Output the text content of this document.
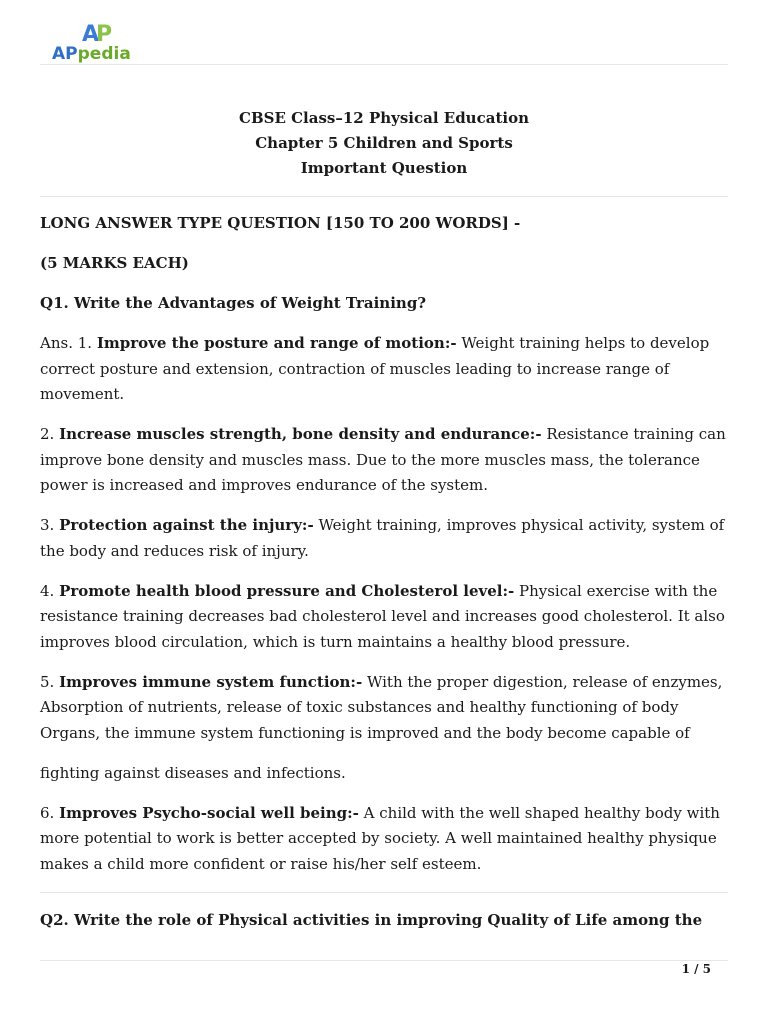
AP
APpedia
CBSE Class–12 Physical Education
Chapter 5 Children and Sports
Important Question

LONG ANSWER TYPE QUESTION [150 TO 200 WORDS] -

(5 MARKS EACH)

Q1. Write the Advantages of Weight Training?

Ans. 1. Improve the posture and range of motion:- Weight training helps to develop correct posture and extension, contraction of muscles leading to increase range of movement.

2. Increase muscles strength, bone density and endurance:- Resistance training can improve bone density and muscles mass. Due to the more muscles mass, the tolerance power is increased and improves endurance of the system.

3. Protection against the injury:- Weight training, improves physical activity, system of the body and reduces risk of injury.

4. Promote health blood pressure and Cholesterol level:- Physical exercise with the resistance training decreases bad cholesterol level and increases good cholesterol. It also improves blood circulation, which is turn maintains a healthy blood pressure.

5. Improves immune system function:- With the proper digestion, release of enzymes, Absorption of nutrients, release of toxic substances and healthy functioning of body Organs, the immune system functioning is improved and the body become capable of

fighting against diseases and infections.

6. Improves Psycho-social well being:- A child with the well shaped healthy body with more potential to work is better accepted by society. A well maintained healthy physique makes a child more confident or raise his/her self esteem.

Q2. Write the role of Physical activities in improving Quality of Life among the
1 / 5
